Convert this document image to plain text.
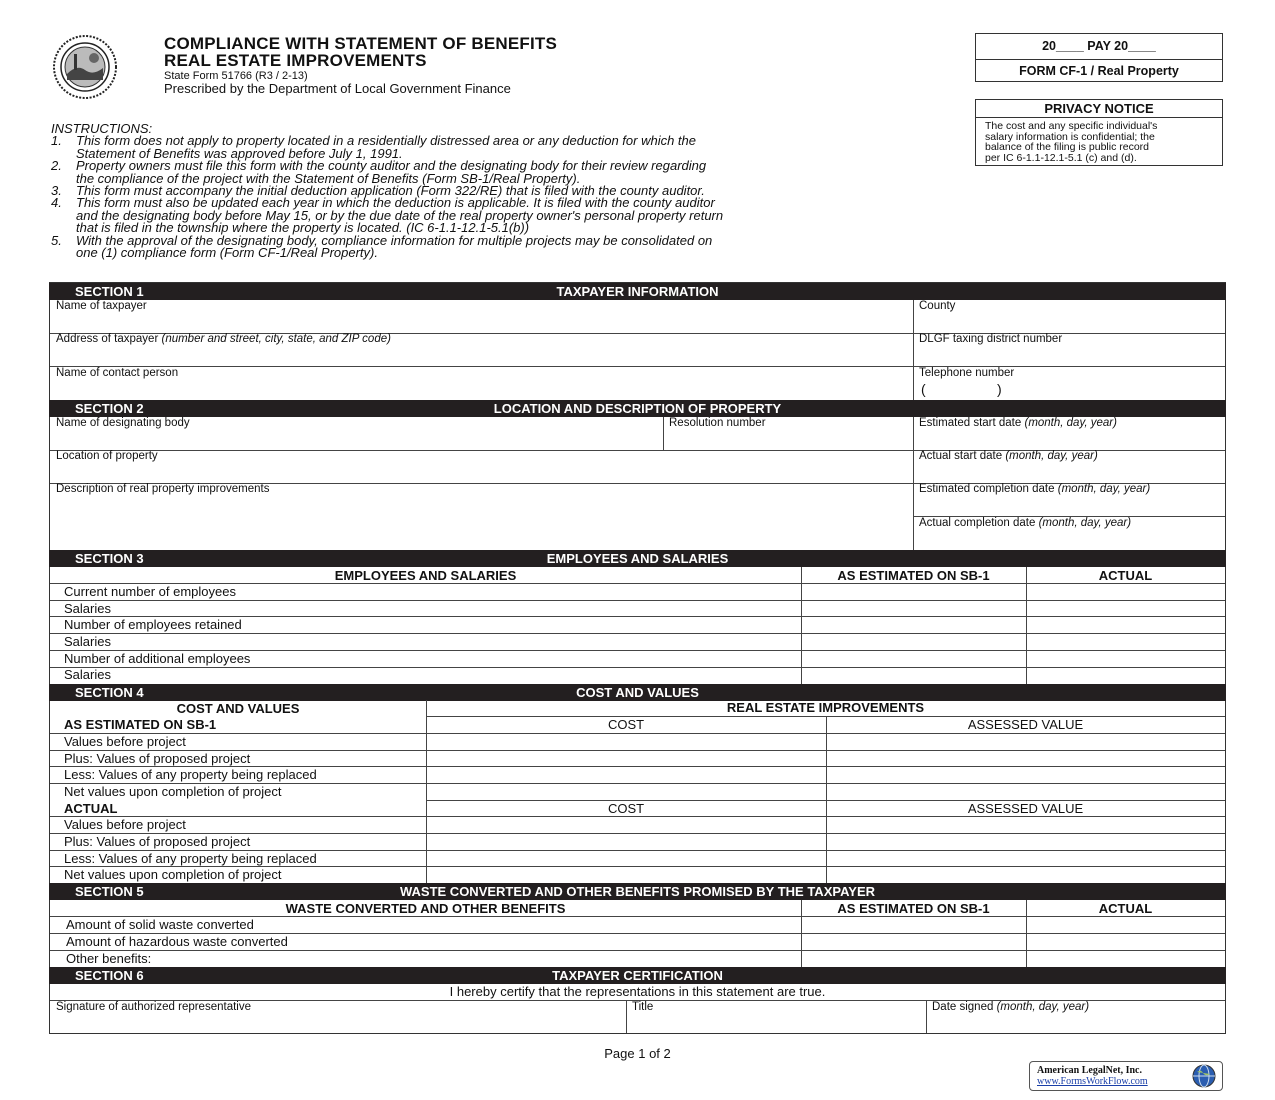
COMPLIANCE WITH STATEMENT OF BENEFITS
REAL ESTATE IMPROVEMENTS
State Form 51766 (R3 / 2-13)
Prescribed by the Department of Local Government Finance
20____ PAY 20____
FORM CF-1 / Real Property
PRIVACY NOTICE
The cost and any specific individual's
salary information is confidential; the
balance of the filing is public record
per IC 6-1.1-12.1-5.1 (c) and (d).
INSTRUCTIONS:
1. This form does not apply to property located in a residentially distressed area or any deduction for which the
Statement of Benefits was approved before July 1, 1991.
2. Property owners must file this form with the county auditor and the designating body for their review regarding
the compliance of the project with the Statement of Benefits (Form SB-1/Real Property).
3. This form must accompany the initial deduction application (Form 322/RE) that is filed with the county auditor.
4. This form must also be updated each year in which the deduction is applicable. It is filed with the county auditor
and the designating body before May 15, or by the due date of the real property owner's personal property return
that is filed in the township where the property is located. (IC 6-1.1-12.1-5.1(b))
5. With the approval of the designating body, compliance information for multiple projects may be consolidated on
one (1) compliance form (Form CF-1/Real Property).
SECTION 1	TAXPAYER INFORMATION
Name of taxpayer	County
Address of taxpayer (number and street, city, state, and ZIP code)	DLGF taxing district number
Name of contact person	Telephone number
(	)
SECTION 2	LOCATION AND DESCRIPTION OF PROPERTY
Name of designating body	Resolution number	Estimated start date (month, day, year)
Location of property	Actual start date (month, day, year)
Description of real property improvements	Estimated completion date (month, day, year)
Actual completion date (month, day, year)
SECTION 3	EMPLOYEES AND SALARIES
EMPLOYEES AND SALARIES	AS ESTIMATED ON SB-1	ACTUAL
Current number of employees
Salaries
Number of employees retained
Salaries
Number of additional employees
Salaries
SECTION 4	COST AND VALUES
COST AND VALUES	REAL ESTATE IMPROVEMENTS
AS ESTIMATED ON SB-1	COST	ASSESSED VALUE
Values before project
Plus: Values of proposed project
Less: Values of any property being replaced
Net values upon completion of project
ACTUAL	COST	ASSESSED VALUE
Values before project
Plus: Values of proposed project
Less: Values of any property being replaced
Net values upon completion of project
SECTION 5	WASTE CONVERTED AND OTHER BENEFITS PROMISED BY THE TAXPAYER
WASTE CONVERTED AND OTHER BENEFITS	AS ESTIMATED ON SB-1	ACTUAL
Amount of solid waste converted
Amount of hazardous waste converted
Other benefits:
SECTION 6	TAXPAYER CERTIFICATION
I hereby certify that the representations in this statement are true.
Signature of authorized representative	Title	Date signed (month, day, year)
Page 1 of 2
American LegalNet, Inc.
www.FormsWorkFlow.com
